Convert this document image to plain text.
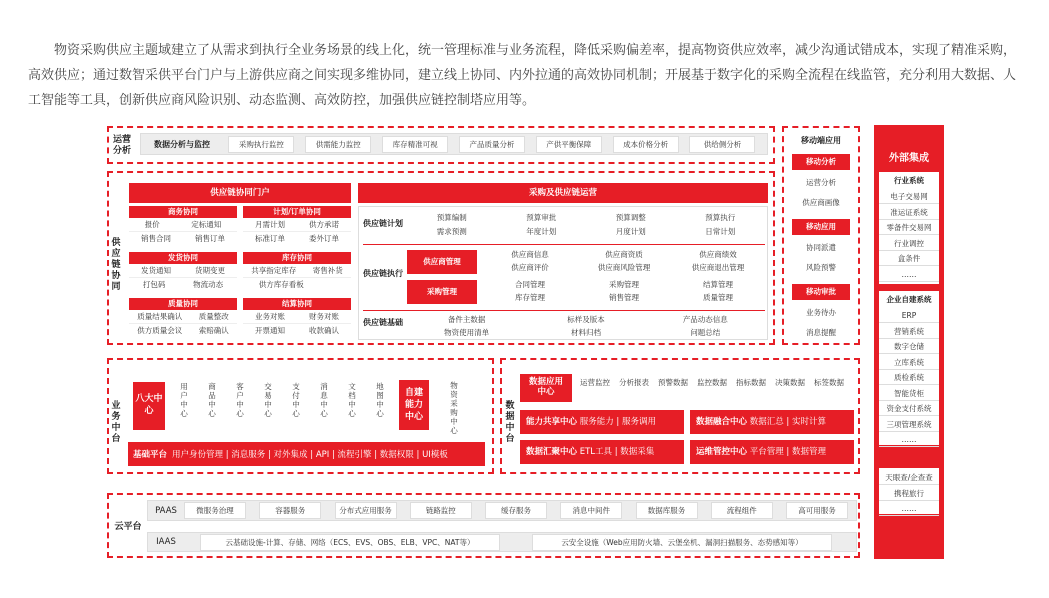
物资采购供应主题域建立了从需求到执行全业务场景的线上化，统一管理标准与业务流程，降低采购偏差率，提高物资供应效率，减少沟通试错成本，实现了精准采购，高效供应；通过数智采供平台门户与上游供应商之间实现多维协同，建立线上协同、内外拉通的高效协同机制；开展基于数字化的采购全流程在线监管，充分利用大数据、人工智能等工具，创新供应商风险识别、动态监测、高效防控，加强供应链控制塔应用等。
运营分析
数据分析与监控	采购执行监控	供需能力监控	库存精准可视	产品质量分析	产供平衡保障	成本价格分析	供给侧分析
供应链协同
供应链协同门户
商务协同
报价	定标通知
销售合同	销售订单
计划/订单协同
月需计划	供方承诺
标准订单	委外订单
发货协同
发货通知	货期变更
打包码	物流动态
库存协同
共享指定库存 寄售补货
供方库存看板
质量协同
质量结果确认 质量整改
供方质量会议 索赔确认
结算协同
业务对账	财务对账
开票通知	收款确认
采购及供应链运营
供应链计划
预算编制	预算审批	预算调整	预算执行
需求预测	年度计划	月度计划	日常计划
供应链执行
供应商管理
采购管理
供应商信息	供应商资质	供应商绩效
供应商评价	供应商风险管理	供应商退出管理
合同管理	采购管理	结算管理
库存管理	销售管理	质量管理
供应链基础	备件主数据	标样及版本	产品动态信息
物资使用清单	材料归档	问题总结
移动端应用
移动分析
运营分析
供应商画像
移动应用
协同派遣
风险预警
移动审批
业务待办
消息提醒
外部集成
行业系统
电子交易网
准运证系统
零备件交易网
行业调控
盒条件
……
企业自建系统
ERP
营销系统
数字仓储
立库系统
质检系统
智能货柜
资金支付系统
三项管理系统
……
天眼查/企查查
携程旅行
……
业务中台
八大中心
用
户
中
心
商
品
中
心
客
户
中
心
交
易
中
心
支
付
中
心
消
息
中
心
文
档
中
心
地
图
中
心
自建能力中心
物
资
采
购
中
心
基础平台 用户身份管理 | 消息服务 | 对外集成 | API | 流程引擎 | 数据权限 | UI模板
数据中台
数据应用中心
运营监控 分析报表 预警数据 监控数据 指标数据 决策数据 标签数据
能力共享中心 服务能力 | 服务调用	数据融合中心 数据汇总 | 实时计算
数据汇聚中心 ETL工具 | 数据采集	运维管控中心 平台管理 | 数据管理
云平台
PAAS	微服务治理	容器服务	分布式应用服务	链路监控	缓存服务	消息中间件	数据库服务	流程组件	高可用服务
IAAS	云基础设施-计算、存储、网络（ECS、EVS、OBS、ELB、VPC、NAT等）	云安全设施（Web应用防火墙、云堡垒机、漏洞扫描服务、态势感知等）
